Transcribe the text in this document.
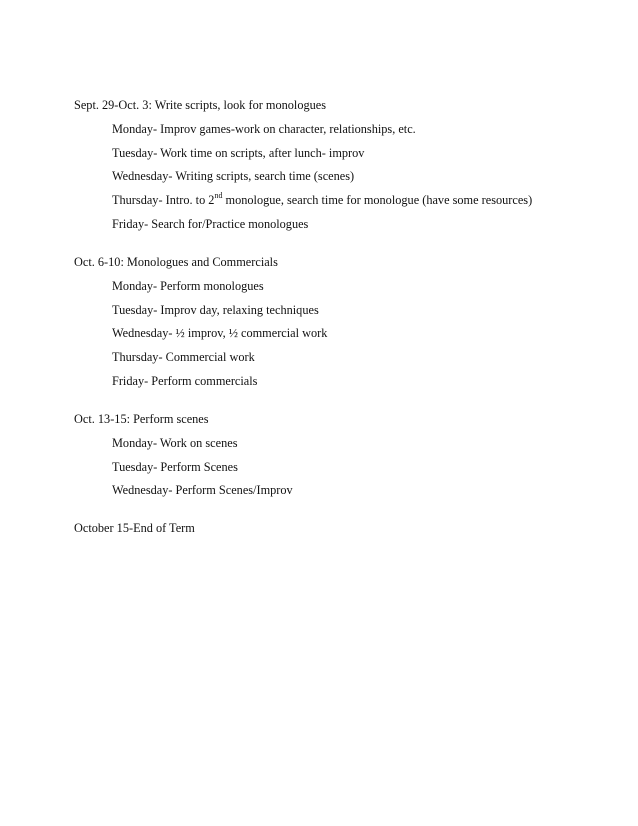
Sept. 29-Oct. 3: Write scripts, look for monologues
Monday- Improv games-work on character, relationships, etc.
Tuesday- Work time on scripts, after lunch- improv
Wednesday- Writing scripts, search time (scenes)
Thursday- Intro. to 2nd monologue, search time for monologue (have some resources)
Friday- Search for/Practice monologues
Oct. 6-10: Monologues and Commercials
Monday- Perform monologues
Tuesday- Improv day, relaxing techniques
Wednesday- ½ improv, ½ commercial work
Thursday- Commercial work
Friday- Perform commercials
Oct. 13-15: Perform scenes
Monday- Work on scenes
Tuesday- Perform Scenes
Wednesday- Perform Scenes/Improv
October 15-End of Term
